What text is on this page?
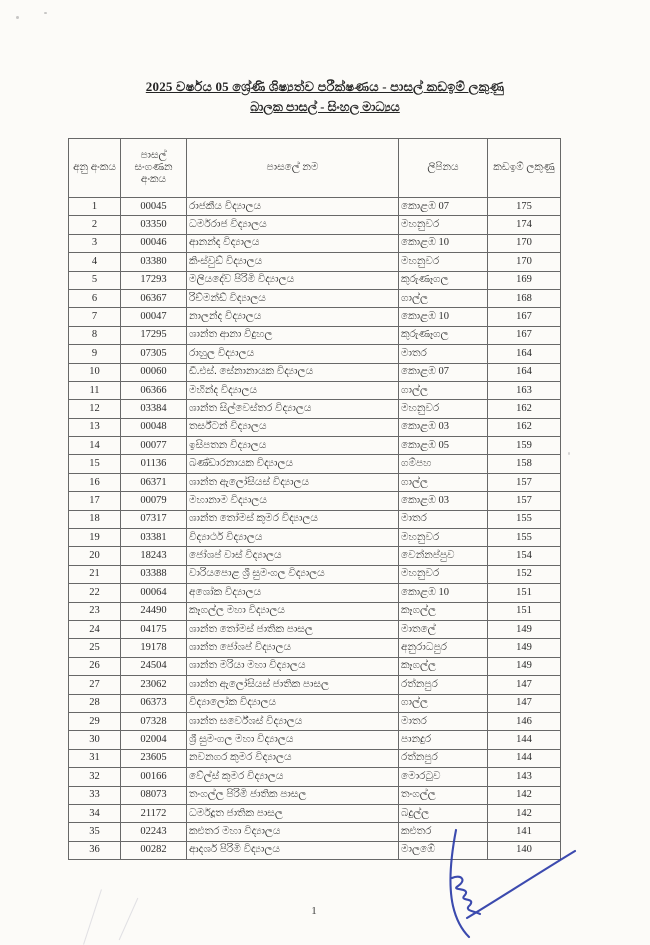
2025 වර්ෂය 05 ශ්‍රේණි ශිෂ්‍යත්ව පරීක්ෂණය - පාසල් කඩඉම් ලකුණු
බාලක පාසල් - සිංහල මාධ්‍යය
අනු අංකය	පාසල් සංගණන අංකය	පාසලේ නම	ලිපිනය	කඩඉම් ලකුණු
1	00045	රාජකීය විද්‍යාලය	කොළඹ 07	175
2	03350	ධර්මරාජ විද්‍යාලය	මහනුවර	174
3	00046	ආනන්ද විද්‍යාලය	කොළඹ 10	170
4	03380	කිංස්වුඩ් විද්‍යාලය	මහනුවර	170
5	17293	මලියදේව පිරිමි විද්‍යාලය	කුරුණෑගල	169
6	06367	රිච්මන්ඩ් විද්‍යාලය	ගාල්ල	168
7	00047	නාලන්ද විද්‍යාලය	කොළඹ 10	167
8	17295	ශාන්ත ආනා විදුහල	කුරුණෑගල	167
9	07305	රාහුල විද්‍යාලය	මාතර	164
10	00060	ඩී.එස්. සේනානායක විද්‍යාලය	කොළඹ 07	164
11	06366	මහින්ද විද්‍යාලය	ගාල්ල	163
12	03384	ශාන්ත සිල්වෙස්තර විද්‍යාලය	මහනුවර	162
13	00048	තර්ස්ටන් විද්‍යාලය	කොළඹ 03	162
14	00077	ඉසිපතන විද්‍යාලය	කොළඹ 05	159
15	01136	බණ්ඩාරනායක විද්‍යාලය	ගම්පහ	158
16	06371	ශාන්ත ඇලෝසියස් විද්‍යාලය	ගාල්ල	157
17	00079	මහානාම විද්‍යාලය	කොළඹ 03	157
18	07317	ශාන්ත තෝමස් කුමර විද්‍යාලය	මාතර	155
19	03381	විද්‍යාර්ථ විද්‍යාලය	මහනුවර	155
20	18243	ජෝශප් වාස් විද්‍යාලය	වෙන්නප්පුව	154
21	03388	වාරියපොළ ශ්‍රී සුමංගල විද්‍යාලය	මහනුවර	152
22	00064	අශෝක විද්‍යාලය	කොළඹ 10	151
23	24490	කෑගල්ල මහා විද්‍යාලය	කෑගල්ල	151
24	04175	ශාන්ත තෝමස් ජාතික පාසල	මාතලේ	149
25	19178	ශාන්ත ජෝශප් විද්‍යාලය	අනුරාධපුර	149
26	24504	ශාන්ත මරියා මහා විද්‍යාලය	කෑගල්ල	149
27	23062	ශාන්ත ඇලෝසියස් ජාතික පාසල	රත්නපුර	147
28	06373	විද්‍යාලෝක විද්‍යාලය	ගාල්ල	147
29	07328	ශාන්ත සර්වේශස් විද්‍යාලය	මාතර	146
30	02004	ශ්‍රී සුමංගල මහා විද්‍යාලය	පානදුර	144
31	23605	නවනගර කුමර විද්‍යාලය	රත්නපුර	144
32	00166	වේල්ස් කුමර විද්‍යාලය	මොරටුව	143
33	08073	තංගල්ල පිරිමි ජාතික පාසල	තංගල්ල	142
34	21172	ධර්මදූත ජාතික පාසල	බදුල්ල	142
35	02243	කළුතර මහා විද්‍යාලය	කළුතර	141
36	00282	ආදර්ශ පිරිමි විද්‍යාලය	මාලඹේ	140
1
